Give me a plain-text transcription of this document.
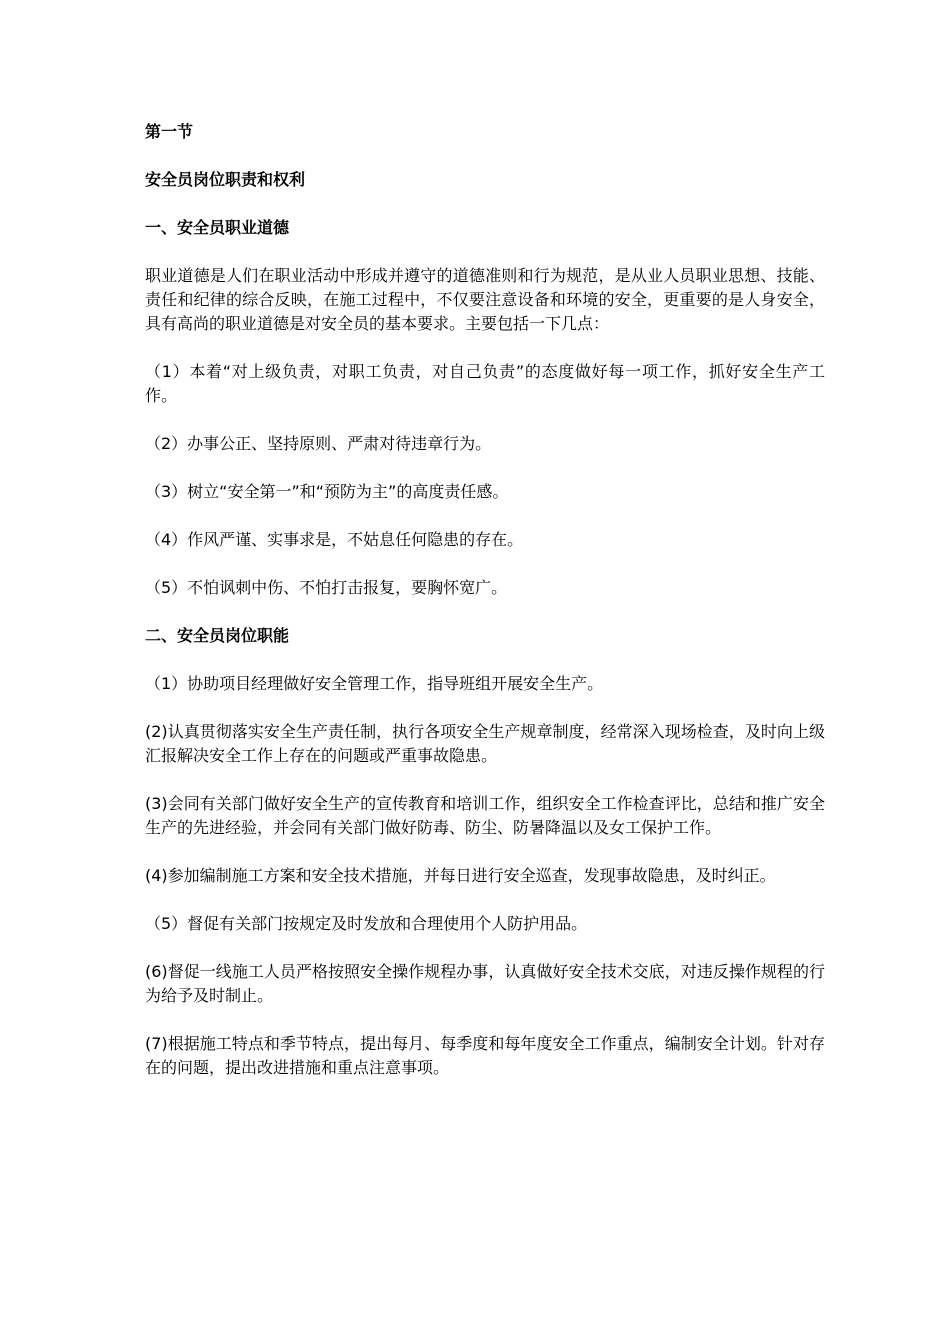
第一节

安全员岗位职责和权利

一、安全员职业道德

职业道德是人们在职业活动中形成并遵守的道德准则和行为规范，是从业人员职业思想、技能、责任和纪律的综合反映，在施工过程中，不仅要注意设备和环境的安全，更重要的是人身安全，具有高尚的职业道德是对安全员的基本要求。主要包括一下几点：

（1）本着“对上级负责，对职工负责，对自己负责”的态度做好每一项工作，抓好安全生产工作。

（2）办事公正、坚持原则、严肃对待违章行为。

（3）树立“安全第一”和“预防为主”的高度责任感。

（4）作风严谨、实事求是，不姑息任何隐患的存在。

（5）不怕讽刺中伤、不怕打击报复，要胸怀宽广。

二、安全员岗位职能

（1）协助项目经理做好安全管理工作，指导班组开展安全生产。

(2)认真贯彻落实安全生产责任制，执行各项安全生产规章制度，经常深入现场检查，及时向上级汇报解决安全工作上存在的问题或严重事故隐患。

(3)会同有关部门做好安全生产的宣传教育和培训工作，组织安全工作检查评比，总结和推广安全生产的先进经验，并会同有关部门做好防毒、防尘、防暑降温以及女工保护工作。

(4)参加编制施工方案和安全技术措施，并每日进行安全巡查，发现事故隐患，及时纠正。

（5）督促有关部门按规定及时发放和合理使用个人防护用品。

(6)督促一线施工人员严格按照安全操作规程办事，认真做好安全技术交底，对违反操作规程的行为给予及时制止。

(7)根据施工特点和季节特点，提出每月、每季度和每年度安全工作重点，编制安全计划。针对存在的问题，提出改进措施和重点注意事项。
